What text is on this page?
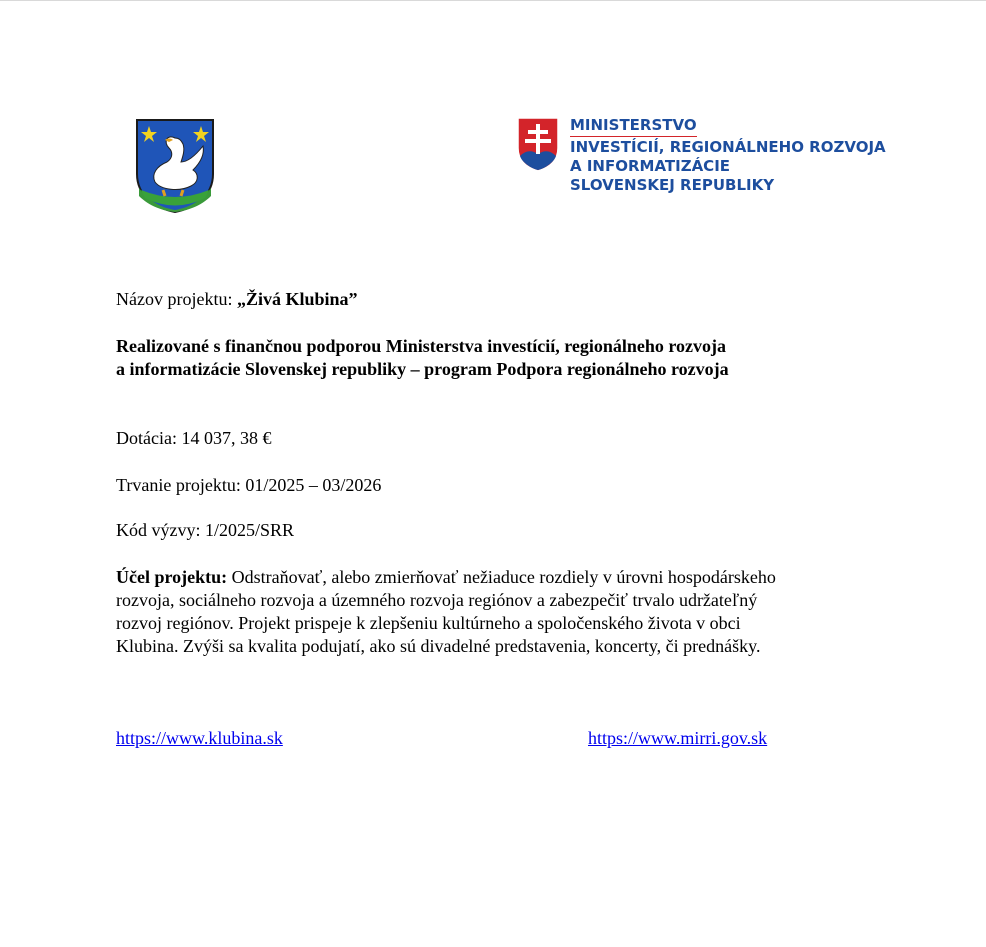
MINISTERSTVO
INVESTÍCIÍ, REGIONÁLNEHO ROZVOJA
A INFORMATIZÁCIE
SLOVENSKEJ REPUBLIKY
Názov projektu: „Živá Klubina”
Realizované s finančnou podporou Ministerstva investícií, regionálneho rozvoja
a informatizácie Slovenskej republiky – program Podpora regionálneho rozvoja
Dotácia: 14 037, 38 €
Trvanie projektu: 01/2025 – 03/2026
Kód výzvy: 1/2025/SRR
Účel projektu: Odstraňovať, alebo zmierňovať nežiaduce rozdiely v úrovni hospodárskeho
rozvoja, sociálneho rozvoja a územného rozvoja regiónov a zabezpečiť trvalo udržateľný
rozvoj regiónov. Projekt prispeje k zlepšeniu kultúrneho a spoločenského života v obci
Klubina. Zvýši sa kvalita podujatí, ako sú divadelné predstavenia, koncerty, či prednášky.
https://www.klubina.sk	https://www.mirri.gov.sk
